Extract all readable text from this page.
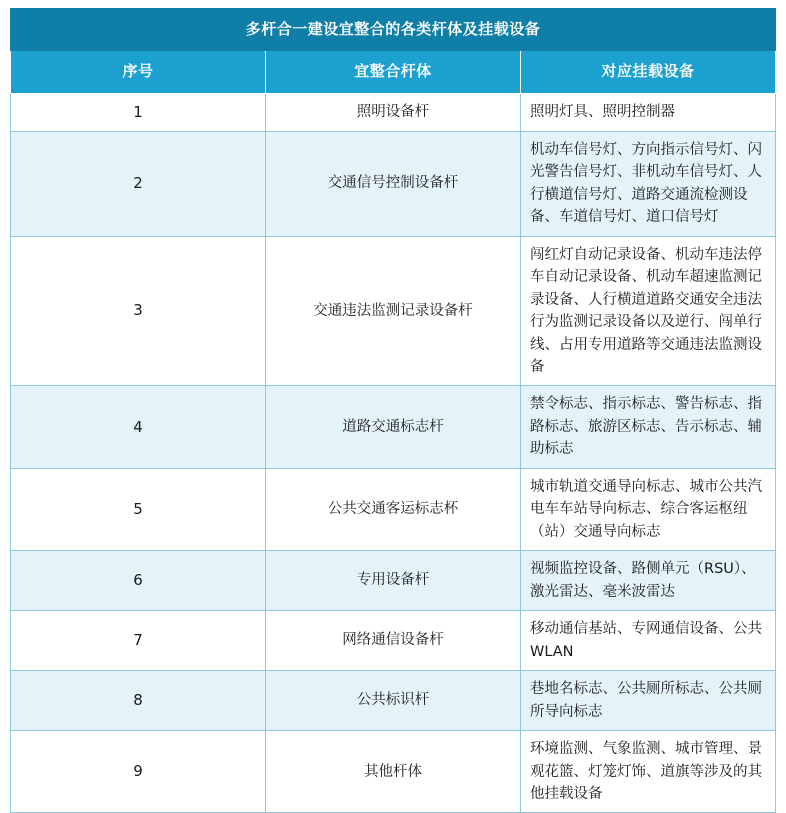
多杆合一建设宜整合的各类杆体及挂载设备		
序号	宜整合杆体	对应挂载设备
1	照明设备杆	照明灯具、照明控制器
2	交通信号控制设备杆	机动车信号灯、方向指示信号灯、闪光警告信号灯、非机动车信号灯、人行横道信号灯、道路交通流检测设备、车道信号灯、道口信号灯
3	交通违法监测记录设备杆	闯红灯自动记录设备、机动车违法停车自动记录设备、机动车超速监测记录设备、人行横道道路交通安全违法行为监测记录设备以及逆行、闯单行线、占用专用道路等交通违法监测设备
4	道路交通标志杆	禁令标志、指示标志、警告标志、指路标志、旅游区标志、告示标志、辅助标志
5	公共交通客运标志杯	城市轨道交通导向标志、城市公共汽电车车站导向标志、综合客运枢纽（站）交通导向标志
6	专用设备杆	视频监控设备、路侧单元（RSU）、激光雷达、毫米波雷达
7	网络通信设备杆	移动通信基站、专网通信设备、公共 WLAN
8	公共标识杆	巷地名标志、公共厕所标志、公共厕所导向标志
9	其他杆体	环境监测、气象监测、城市管理、景观花篮、灯笼灯饰、道旗等涉及的其他挂载设备
